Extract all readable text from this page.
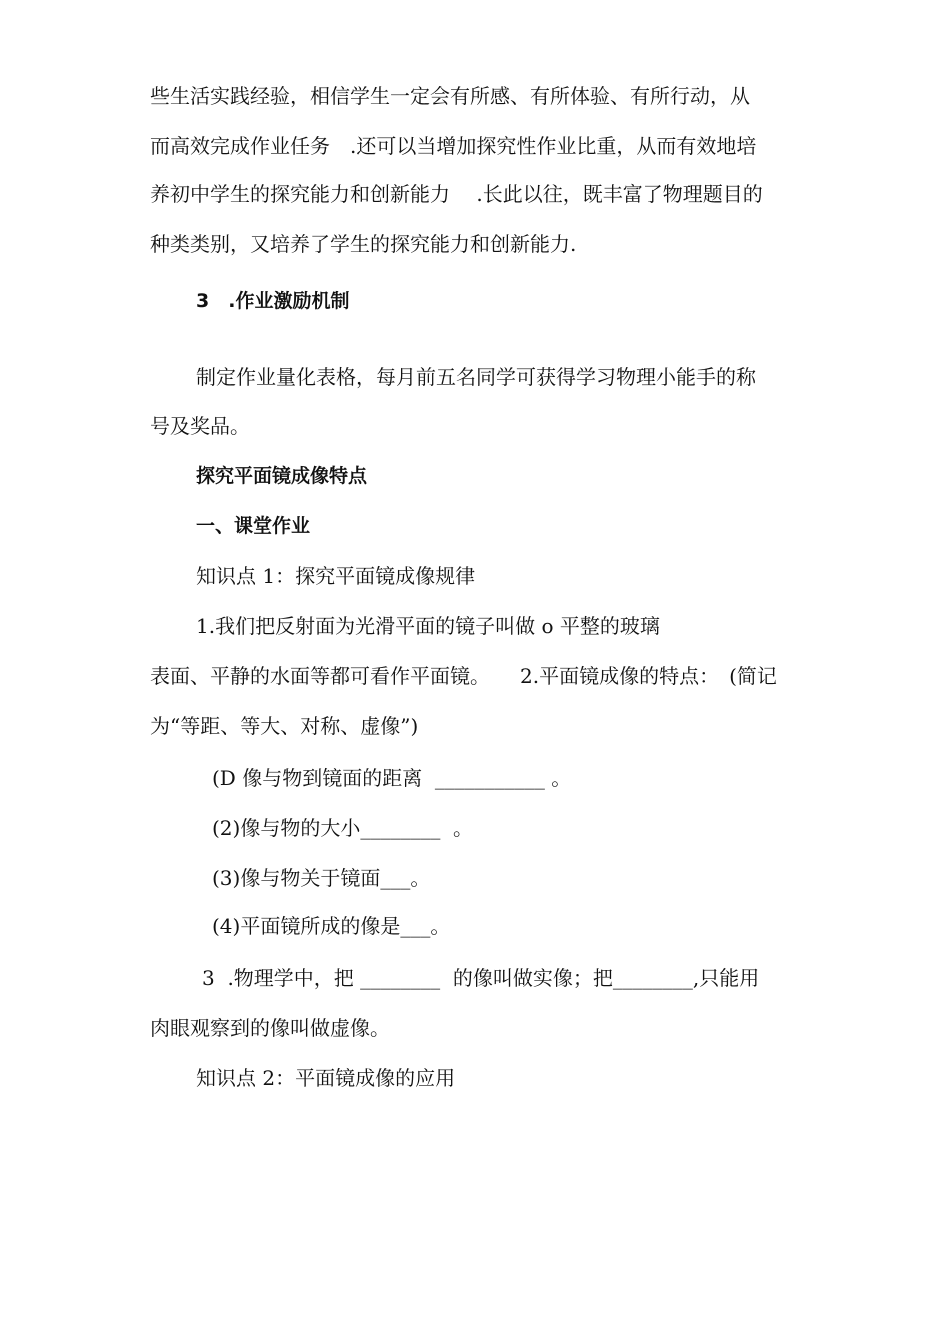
些生活实践经验，相信学生一定会有所感、有所体验、有所行动，从
而高效完成作业任务　.还可以当增加探究性作业比重，从而有效地培
养初中学生的探究能力和创新能力　 .长此以往，既丰富了物理题目的
种类类别，又培养了学生的探究能力和创新能力.
3　.作业激励机制
制定作业量化表格，每月前五名同学可获得学习物理小能手的称
号及奖品。
探究平面镜成像特点
一、课堂作业
知识点 1：探究平面镜成像规律
1.我们把反射面为光滑平面的镜子叫做 o 平整的玻璃
表面、平静的水面等都可看作平面镜。　　2.平面镜成像的特点：　(简记
为“等距、等大、对称、虚像”)
(D 像与物到镜面的距离  ___________ 。
(2)像与物的大小________  。
(3)像与物关于镜面___。
(4)平面镜所成的像是___。
3  .物理学中，把 ________  的像叫做实像；把________,只能用
肉眼观察到的像叫做虚像。
知识点 2：平面镜成像的应用
